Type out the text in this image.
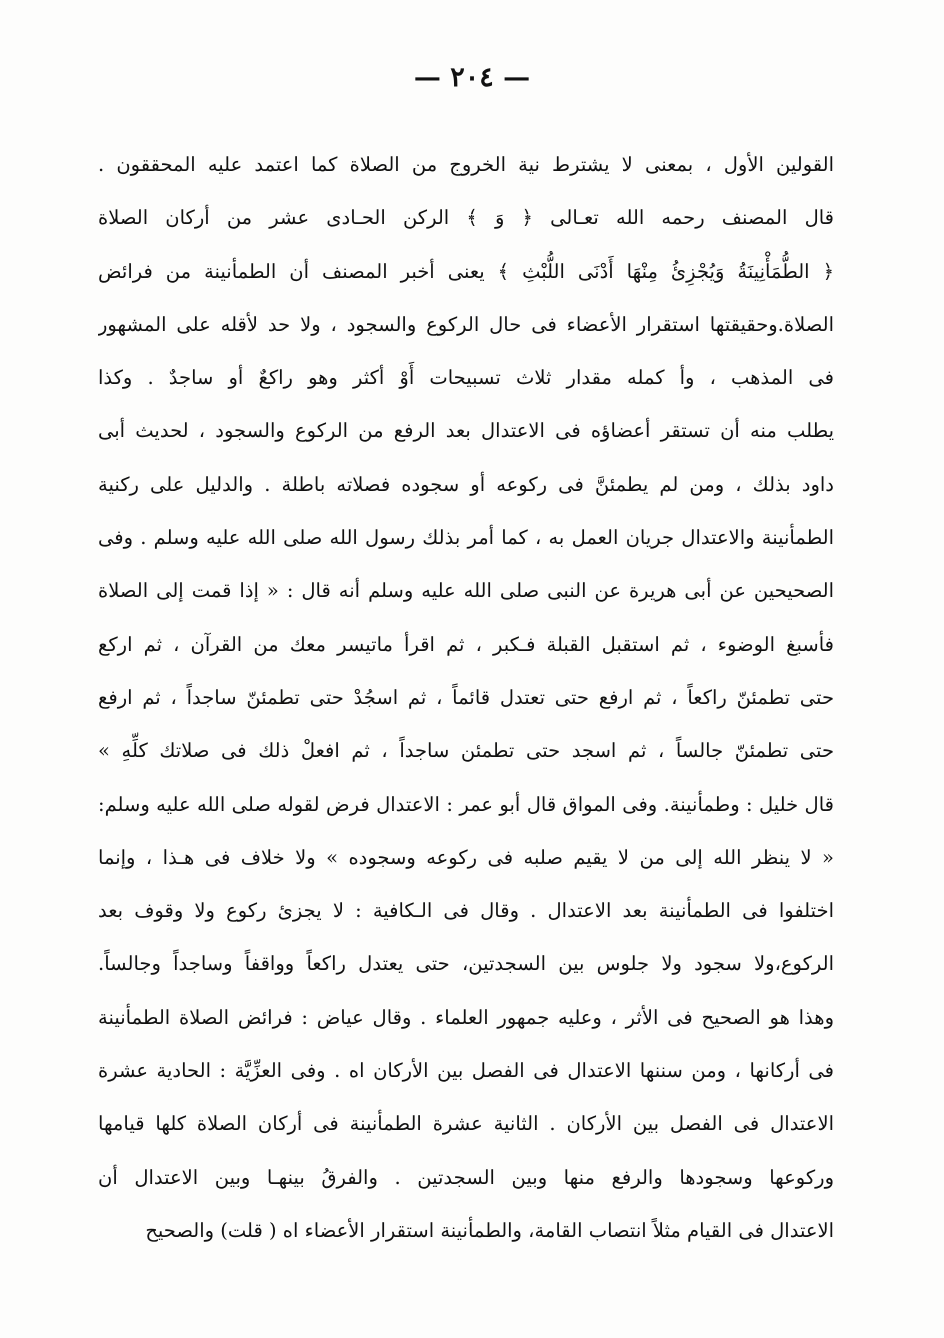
— ٢٠٤ —
القولين الأول ، بمعنى لا يشترط نية الخروج من الصلاة كما اعتمد عليه المحققون .
قال المصنف رحمه الله تعـالى ﴿ وَ ﴾ الركن الحـادى عشر من أركان الصلاة
﴿ الطُّمَأْنِينَةُ وَيُجْزِئُ مِنْهَا أَدْنَى اللُّبْثِ ﴾ يعنى أخبر المصنف أن الطمأنينة من فرائض
الصلاة.وحقيقتها استقرار الأعضاء فى حال الركوع والسجود ، ولا حد لأقله على المشهور
فى المذهب ، وأ كمله مقدار ثلاث تسبيحات أَوْ أكثر وهو راكعٌ أو ساجدٌ . وكذا
يطلب منه أن تستقر أعضاؤه فى الاعتدال بعد الرفع من الركوع والسجود ، لحديث أبى
داود بذلك ، ومن لم يطمئنَّ فى ركوعه أو سجوده فصلاته باطلة . والدليل على ركنية
الطمأنينة والاعتدال جريان العمل به ، كما أمر بذلك رسول الله صلى الله عليه وسلم . وفى
الصحيحين عن أبى هريرة عن النبى صلى الله عليه وسلم أنه قال : « إذا قمت إلى الصلاة
فأسبغ الوضوء ، ثم استقبل القبلة فـكبر ، ثم اقرأ ماتيسر معك من القرآن ، ثم اركع
حتى تطمئنّ راكعاً ، ثم ارفع حتى تعتدل قائماً ، ثم اسجُدْ حتى تطمئنّ ساجداً ، ثم ارفع
حتى تطمئنّ جالساً ، ثم اسجد حتى تطمئن ساجداً ، ثم افعلْ ذلك فى صلاتك كلِّهِ »
قال خليل : وطمأنينة. وفى المواق قال أبو عمر : الاعتدال فرض لقوله صلى الله عليه وسلم:
« لا ينظر الله إلى من لا يقيم صلبه فى ركوعه وسجوده » ولا خلاف فى هـذا ، وإنما
اختلفوا فى الطمأنينة بعد الاعتدال . وقال فى الـكافية : لا يجزئ ركوع ولا وقوف بعد
الركوع،ولا سجود ولا جلوس بين السجدتين، حتى يعتدل راكعاً وواقفاً وساجداً وجالساً.
وهذا هو الصحيح فى الأثر ، وعليه جمهور العلماء . وقال عياض : فرائض الصلاة الطمأنينة
فى أركانها ، ومن سننها الاعتدال فى الفصل بين الأركان اه . وفى العزِّيَّة : الحادية عشرة
الاعتدال فى الفصل بين الأركان . الثانية عشرة الطمأنينة فى أركان الصلاة كلها قيامها
وركوعها وسجودها والرفع منها وبين السجدتين . والفرقُ بينهـا وبين الاعتدال أن
الاعتدال فى القيام مثلاً انتصاب القامة، والطمأنينة استقرار الأعضاء اه ( قلت) والصحيح
